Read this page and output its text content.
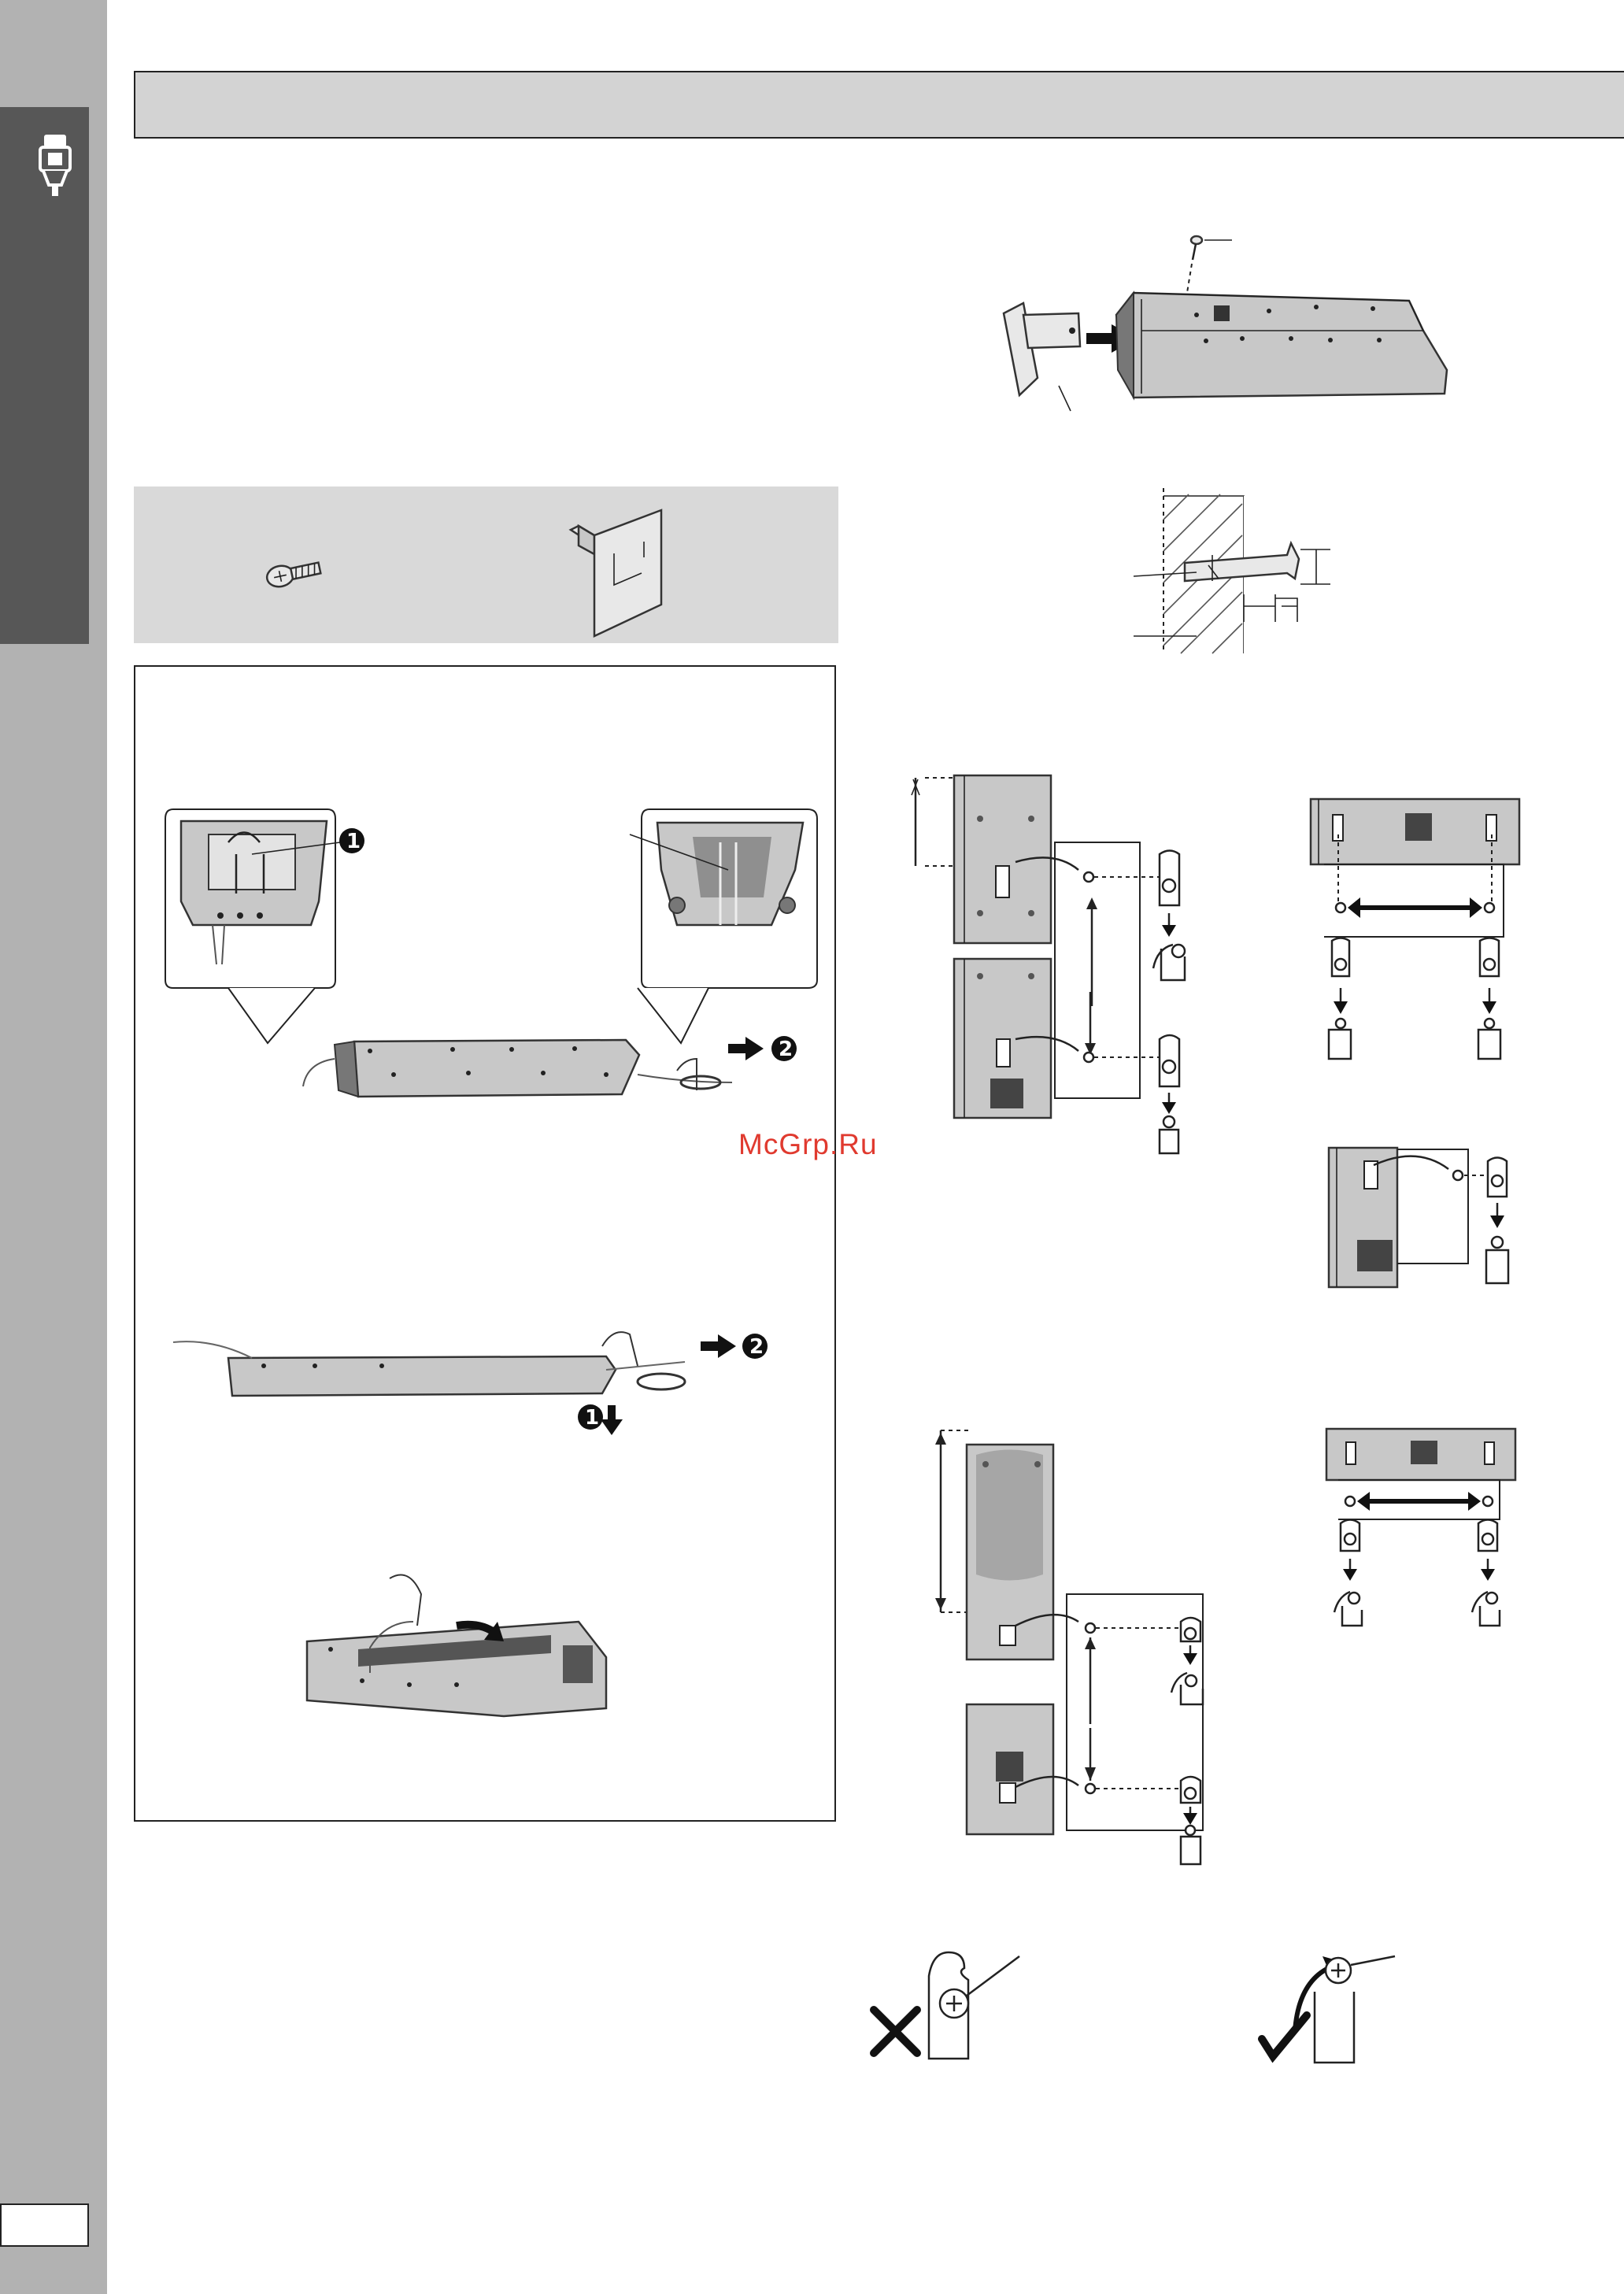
1
2
2
1
McGrp.Ru
